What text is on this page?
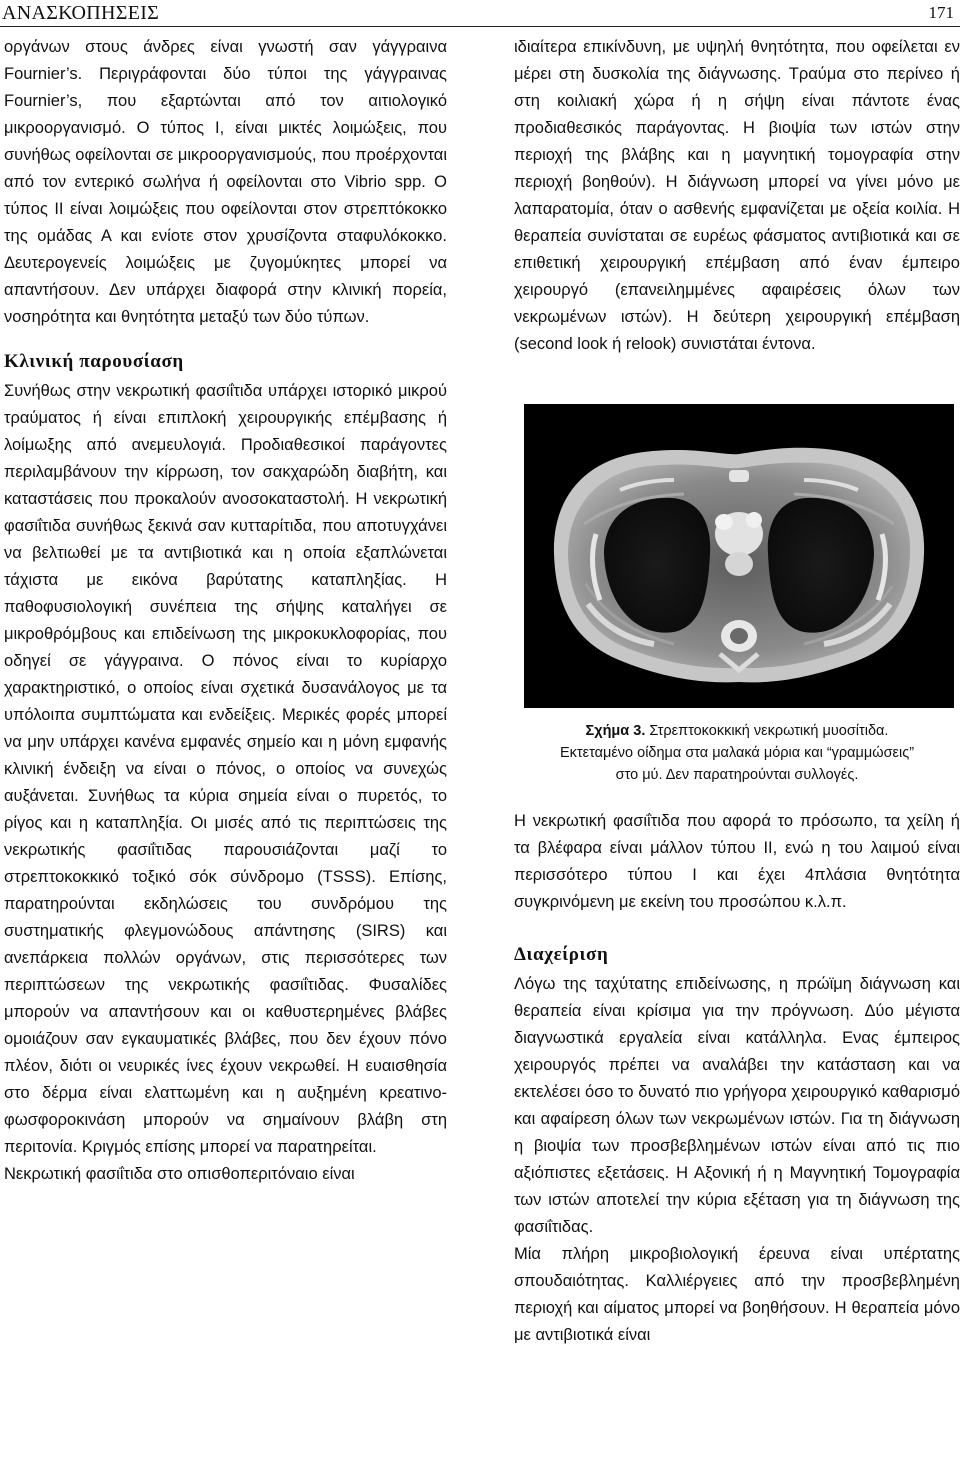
ΑΝΑΣΚΟΠΗΣΕΙΣ	171

οργάνων στους άνδρες είναι γνωστή σαν γάγγραινα Fournier’s. Περιγράφονται δύο τύποι της γάγγραινας Fournier’s, που εξαρτώνται από τον αιτιολογικό μικροοργανισμό. Ο τύπος Ι, είναι μικτές λοιμώξεις, που συνήθως οφείλονται σε μικροοργανισμούς, που προέρχονται από τον εντερικό σωλήνα ή οφείλονται στο Vibrio spp. Ο τύπος ΙΙ είναι λοιμώξεις που οφείλονται στον στρεπτόκοκκο της ομάδας Α και ενίοτε στον χρυσίζοντα σταφυλόκοκκο. Δευτερογενείς λοιμώξεις με ζυγομύκητες μπορεί να απαντήσουν. Δεν υπάρχει διαφορά στην κλινική πορεία, νοσηρότητα και θνητότητα μεταξύ των δύο τύπων.

Κλινική παρουσίαση

Συνήθως στην νεκρωτική φασιΐτιδα υπάρχει ιστορικό μικρού τραύματος ή είναι επιπλοκή χειρουργικής επέμβασης ή λοίμωξης από ανεμευλογιά. Προδιαθεσικοί παράγοντες περιλαμβάνουν την κίρρωση, τον σακχαρώδη διαβήτη, και καταστάσεις που προκαλούν ανοσοκαταστολή. Η νεκρωτική φασιΐτιδα συνήθως ξεκινά σαν κυτταρίτιδα, που αποτυγχάνει να βελτιωθεί με τα αντιβιοτικά και η οποία εξαπλώνεται τάχιστα με εικόνα βαρύτατης καταπληξίας. Η παθοφυσιολογική συνέπεια της σήψης καταλήγει σε μικροθρόμβους και επιδείνωση της μικροκυκλοφορίας, που οδηγεί σε γάγγραινα. Ο πόνος είναι το κυρίαρχο χαρακτηριστικό, ο οποίος είναι σχετικά δυσανάλογος με τα υπόλοιπα συμπτώματα και ενδείξεις. Μερικές φορές μπορεί να μην υπάρχει κανένα εμφανές σημείο και η μόνη εμφανής κλινική ένδειξη να είναι ο πόνος, ο οποίος να συνεχώς αυξάνεται. Συνήθως τα κύρια σημεία είναι ο πυρετός, το ρίγος και η καταπληξία. Οι μισές από τις περιπτώσεις της νεκρωτικής φασιΐτιδας παρουσιάζονται μαζί το στρεπτοκοκκικό τοξικό σόκ σύνδρομο (TSSS). Επίσης, παρατηρούνται εκδηλώσεις του συνδρόμου της συστηματικής φλεγμονώδους απάντησης (SIRS) και ανεπάρκεια πολλών οργάνων, στις περισσότερες των περιπτώσεων της νεκρωτικής φασιΐτιδας. Φυσαλίδες μπορούν να απαντήσουν και οι καθυστερημένες βλάβες ομοιάζουν σαν εγκαυματικές βλάβες, που δεν έχουν πόνο πλέον, διότι οι νευρικές ίνες έχουν νεκρωθεί. Η ευαισθησία στο δέρμα είναι ελαττωμένη και η αυξημένη κρεατινο-φωσφοροκινάση μπορούν να σημαίνουν βλάβη στη περιτονία. Κριγμός επίσης μπορεί να παρατηρείται.

Νεκρωτική φασιΐτιδα στο οπισθοπεριτόναιο είναι

ιδιαίτερα επικίνδυνη, με υψηλή θνητότητα, που οφείλεται εν μέρει στη δυσκολία της διάγνωσης. Τραύμα στο περίνεο ή στη κοιλιακή χώρα ή η σήψη είναι πάντοτε ένας προδιαθεσικός παράγοντας. Η βιοψία των ιστών στην περιοχή της βλάβης και η μαγνητική τομογραφία στην περιοχή βοηθούν). Η διάγνωση μπορεί να γίνει μόνο με λαπαρατομία, όταν ο ασθενής εμφανίζεται με οξεία κοιλία. Η θεραπεία συνίσταται σε ευρέως φάσματος αντιβιοτικά και σε επιθετική χειρουργική επέμβαση από έναν έμπειρο χειρουργό (επανειλημμένες αφαιρέσεις όλων των νεκρωμένων ιστών). Η δεύτερη χειρουργική επέμβαση (second look ή relook) συνιστάται έντονα.

Σχήμα 3. Στρεπτοκοκκική νεκρωτική μυοσίτιδα.
Εκτεταμένο οίδημα στα μαλακά μόρια και “γραμμώσεις”
στο μύ. Δεν παρατηρούνται συλλογές.

Η νεκρωτική φασιΐτιδα που αφορά το πρόσωπο, τα χείλη ή τα βλέφαρα είναι μάλλον τύπου ΙΙ, ενώ η του λαιμού είναι περισσότερο τύπου Ι και έχει 4πλάσια θνητότητα συγκρινόμενη με εκείνη του προσώπου κ.λ.π.

Διαχείριση

Λόγω της ταχύτατης επιδείνωσης, η πρώϊμη διάγνωση και θεραπεία είναι κρίσιμα για την πρόγνωση. Δύο μέγιστα διαγνωστικά εργαλεία είναι κατάλληλα. Ενας έμπειρος χειρουργός πρέπει να αναλάβει την κατάσταση και να εκτελέσει όσο το δυνατό πιο γρήγορα χειρουργικό καθαρισμό και αφαίρεση όλων των νεκρωμένων ιστών. Για τη διάγνωση η βιοψία των προσβεβλημένων ιστών είναι από τις πιο αξιόπιστες εξετάσεις. Η Αξονική ή η Μαγνητική Τομογραφία των ιστών αποτελεί την κύρια εξέταση για τη διάγνωση της φασιΐτιδας.

Μία πλήρη μικροβιολογική έρευνα είναι υπέρτατης σπουδαιότητας. Καλλιέργειες από την προσβεβλημένη περιοχή και αίματος μπορεί να βοηθήσουν. Η θεραπεία μόνο με αντιβιοτικά είναι
